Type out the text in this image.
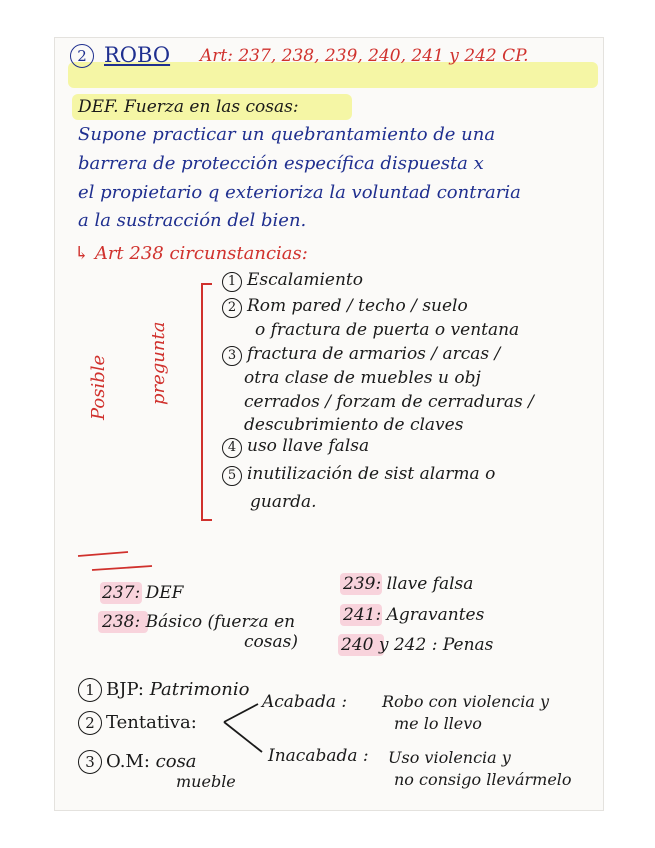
2 ROBO Art: 237, 238, 239, 240, 241 y 242 CP.
DEF. Fuerza en las cosas:
Supone practicar un quebrantamiento de una
barrera de protección específica dispuesta x
el propietario q exterioriza la voluntad contraria
a la sustracción del bien.
↳ Art 238 circunstancias:
Posible pregunta
1 Escalamiento
2 Rom pared / techo / suelo
o fractura de puerta o ventana
3 fractura de armarios / arcas /
otra clase de muebles u obj
cerrados / forzam de cerraduras /
descubrimiento de claves
4 uso llave falsa
5 inutilización de sist alarma o
guarda.
237: DEF
238: Básico (fuerza en
cosas)
239: llave falsa
241: Agravantes
240 y 242 : Penas
1 BJP: Patrimonio
2 Tentativa:
3 O.M: cosa
mueble
Acabada : Robo con violencia y
me lo llevo
Inacabada : Uso violencia y
no consigo llevármelo
